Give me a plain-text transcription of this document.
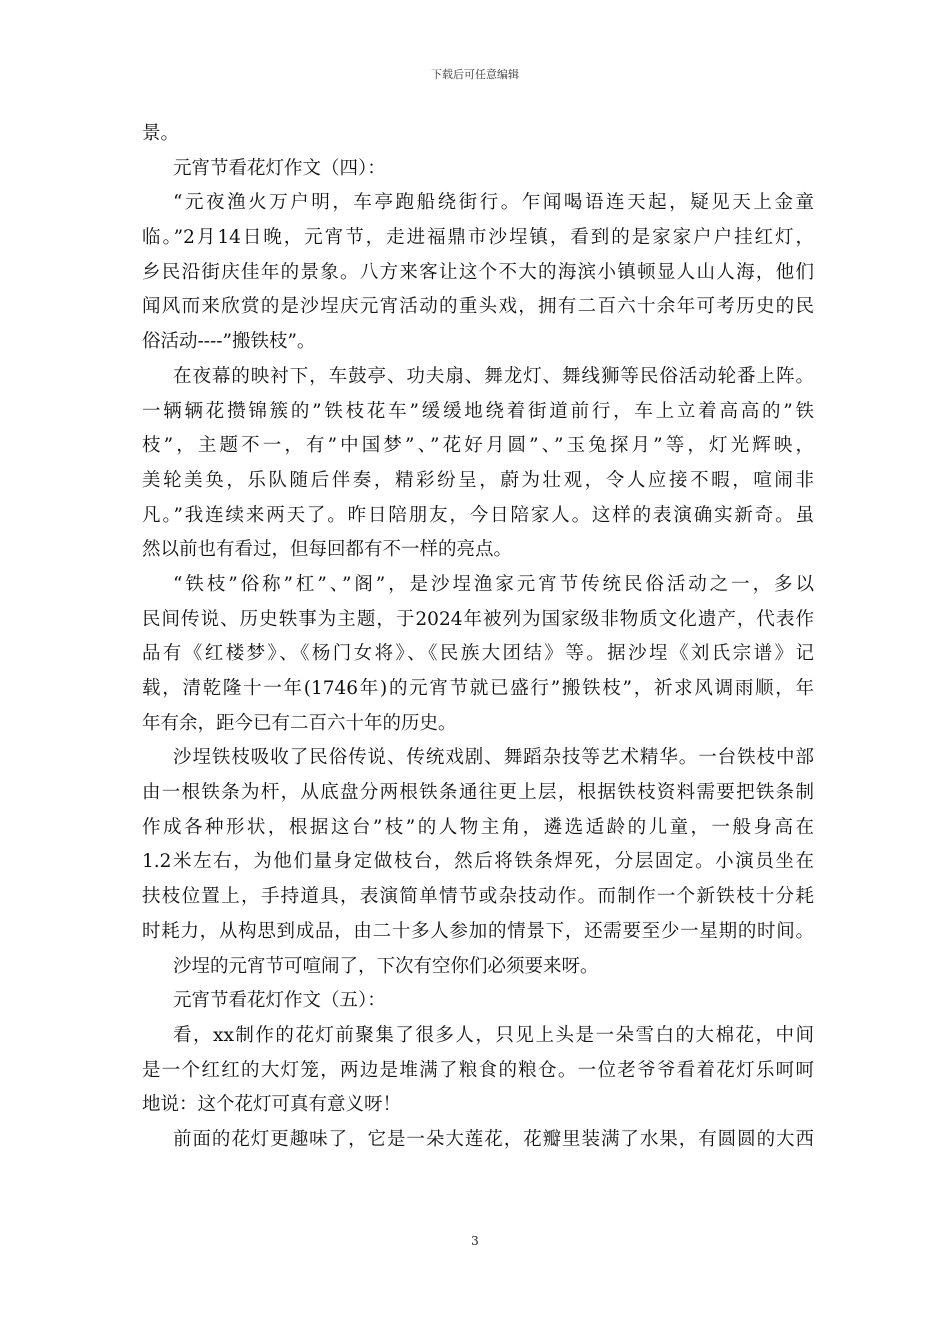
下载后可任意编辑
景。
元宵节看花灯作文（四）：
“元夜渔火万户明，车亭跑船绕街行。乍闻喝语连天起，疑见天上金童
临。”2月14日晚，元宵节，走进福鼎市沙埕镇，看到的是家家户户挂红灯，
乡民沿街庆佳年的景象。八方来客让这个不大的海滨小镇顿显人山人海，他们
闻风而来欣赏的是沙埕庆元宵活动的重头戏，拥有二百六十余年可考历史的民
俗活动----”搬铁枝”。
在夜幕的映衬下，车鼓亭、功夫扇、舞龙灯、舞线狮等民俗活动轮番上阵。
一辆辆花攒锦簇的”铁枝花车”缓缓地绕着街道前行，车上立着高高的”铁
枝”，主题不一，有”中国梦”、”花好月圆”、”玉兔探月”等，灯光辉映，
美轮美奂，乐队随后伴奏，精彩纷呈，蔚为壮观，令人应接不暇，喧闹非
凡。”我连续来两天了。昨日陪朋友，今日陪家人。这样的表演确实新奇。虽
然以前也有看过，但每回都有不一样的亮点。
“铁枝”俗称”杠”、”阁”，是沙埕渔家元宵节传统民俗活动之一，多以
民间传说、历史轶事为主题，于2024年被列为国家级非物质文化遗产，代表作
品有《红楼梦》、《杨门女将》、《民族大团结》等。据沙埕《刘氏宗谱》记
载，清乾隆十一年(1746年)的元宵节就已盛行”搬铁枝”，祈求风调雨顺，年
年有余，距今已有二百六十年的历史。
沙埕铁枝吸收了民俗传说、传统戏剧、舞蹈杂技等艺术精华。一台铁枝中部
由一根铁条为杆，从底盘分两根铁条通往更上层，根据铁枝资料需要把铁条制
作成各种形状，根据这台”枝”的人物主角，遴选适龄的儿童，一般身高在
1.2米左右，为他们量身定做枝台，然后将铁条焊死，分层固定。小演员坐在
扶枝位置上，手持道具，表演简单情节或杂技动作。而制作一个新铁枝十分耗
时耗力，从构思到成品，由二十多人参加的情景下，还需要至少一星期的时间。
沙埕的元宵节可喧闹了，下次有空你们必须要来呀。
元宵节看花灯作文（五）：
看，xx制作的花灯前聚集了很多人，只见上头是一朵雪白的大棉花，中间
是一个红红的大灯笼，两边是堆满了粮食的粮仓。一位老爷爷看着花灯乐呵呵
地说：这个花灯可真有意义呀！
前面的花灯更趣味了，它是一朵大莲花，花瓣里装满了水果，有圆圆的大西
3
